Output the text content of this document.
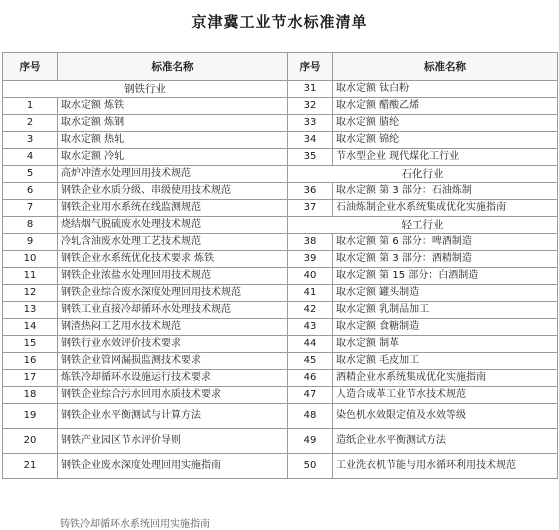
京津冀工业节水标准清单
序号	标准名称	序号	标准名称
钢铁行业		31	取水定额 钛白粉
1	取水定额 炼铁	32	取水定额 醋酸乙烯
2	取水定额 炼钢	33	取水定额 腈纶
3	取水定额 热轧	34	取水定额 锦纶
4	取水定额 冷轧	35	节水型企业 现代煤化工行业
5	高炉冲渣水处理回用技术规范	石化行业	
6	钢铁企业水质分级、串级使用技术规范	36	取水定额 第 3 部分：石油炼制
7	钢铁企业用水系统在线监测规范	37	石油炼制企业水系统集成优化实施指南
8	烧结烟气脱硫废水处理技术规范	轻工行业	
9	冷轧含油废水处理工艺技术规范	38	取水定额 第 6 部分：啤酒制造
10	钢铁企业水系统优化技术要求 炼铁	39	取水定额 第 3 部分：酒精制造
11	钢铁企业浓盐水处理回用技术规范	40	取水定额 第 15 部分：白酒制造
12	钢铁企业综合废水深度处理回用技术规范	41	取水定额 罐头制造
13	钢铁工业直接冷却循环水处理技术规范	42	取水定额 乳制品加工
14	钢渣热闷工艺用水技术规范	43	取水定额 食糖制造
15	钢铁行业水效评价技术要求	44	取水定额 制革
16	钢铁企业管网漏损监测技术要求	45	取水定额 毛皮加工
17	炼铁冷却循环水设施运行技术要求	46	酒精企业水系统集成优化实施指南
18	钢铁企业综合污水回用水质技术要求	47	人造合成革工业节水技术规范
19	钢铁企业水平衡测试与计算方法	48	染色机水效限定值及水效等级
20	钢铁产业园区节水评价导则	49	造纸企业水平衡测试方法
21	钢铁企业废水深度处理回用实施指南	50	工业洗衣机节能与用水循环利用技术规范
铸铁冷却循环水系统回用实施指南
